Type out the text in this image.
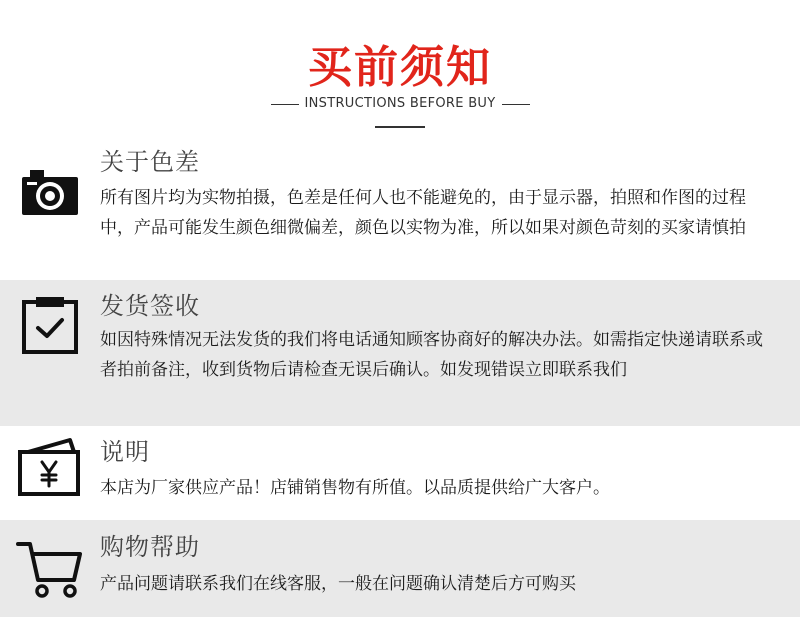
买前须知
INSTRUCTIONS BEFORE BUY
关于色差
所有图片均为实物拍摄，色差是任何人也不能避免的，由于显示器，拍照和作图的过程中，产品可能发生颜色细微偏差，颜色以实物为准，所以如果对颜色苛刻的买家请慎拍
发货签收
如因特殊情况无法发货的我们将电话通知顾客协商好的解决办法。如需指定快递请联系或者拍前备注，收到货物后请检查无误后确认。如发现错误立即联系我们
说明
本店为厂家供应产品！店铺销售物有所值。以品质提供给广大客户。
购物帮助
产品问题请联系我们在线客服，一般在问题确认清楚后方可购买
